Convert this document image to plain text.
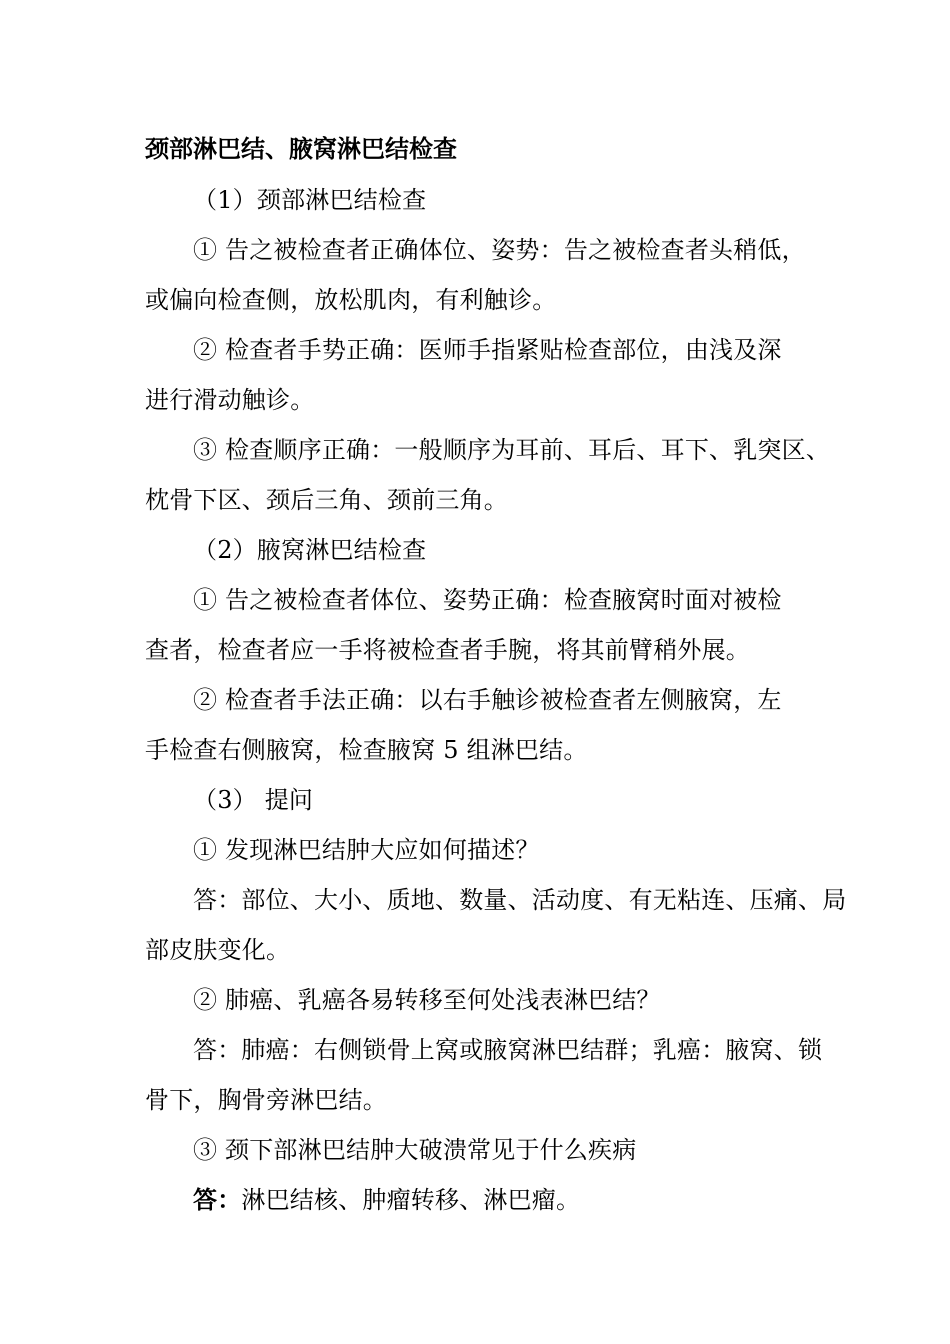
颈部淋巴结、腋窝淋巴结检查
（1）颈部淋巴结检查
① 告之被检查者正确体位、姿势：告之被检查者头稍低，
或偏向检查侧，放松肌肉，有利触诊。
② 检查者手势正确：医师手指紧贴检查部位，由浅及深
进行滑动触诊。
③ 检查顺序正确：一般顺序为耳前、耳后、耳下、乳突区、
枕骨下区、颈后三角、颈前三角。
（2）腋窝淋巴结检查
① 告之被检查者体位、姿势正确：检查腋窝时面对被检
查者，检查者应一手将被检查者手腕，将其前臂稍外展。
② 检查者手法正确：以右手触诊被检查者左侧腋窝，左
手检查右侧腋窝，检查腋窝 5 组淋巴结。
（3） 提问
① 发现淋巴结肿大应如何描述？
答：部位、大小、质地、数量、活动度、有无粘连、压痛、局
部皮肤变化。
② 肺癌、乳癌各易转移至何处浅表淋巴结？
答：肺癌：右侧锁骨上窝或腋窝淋巴结群；乳癌：腋窝、锁
骨下，胸骨旁淋巴结。
③ 颈下部淋巴结肿大破溃常见于什么疾病
答：淋巴结核、肿瘤转移、淋巴瘤。
